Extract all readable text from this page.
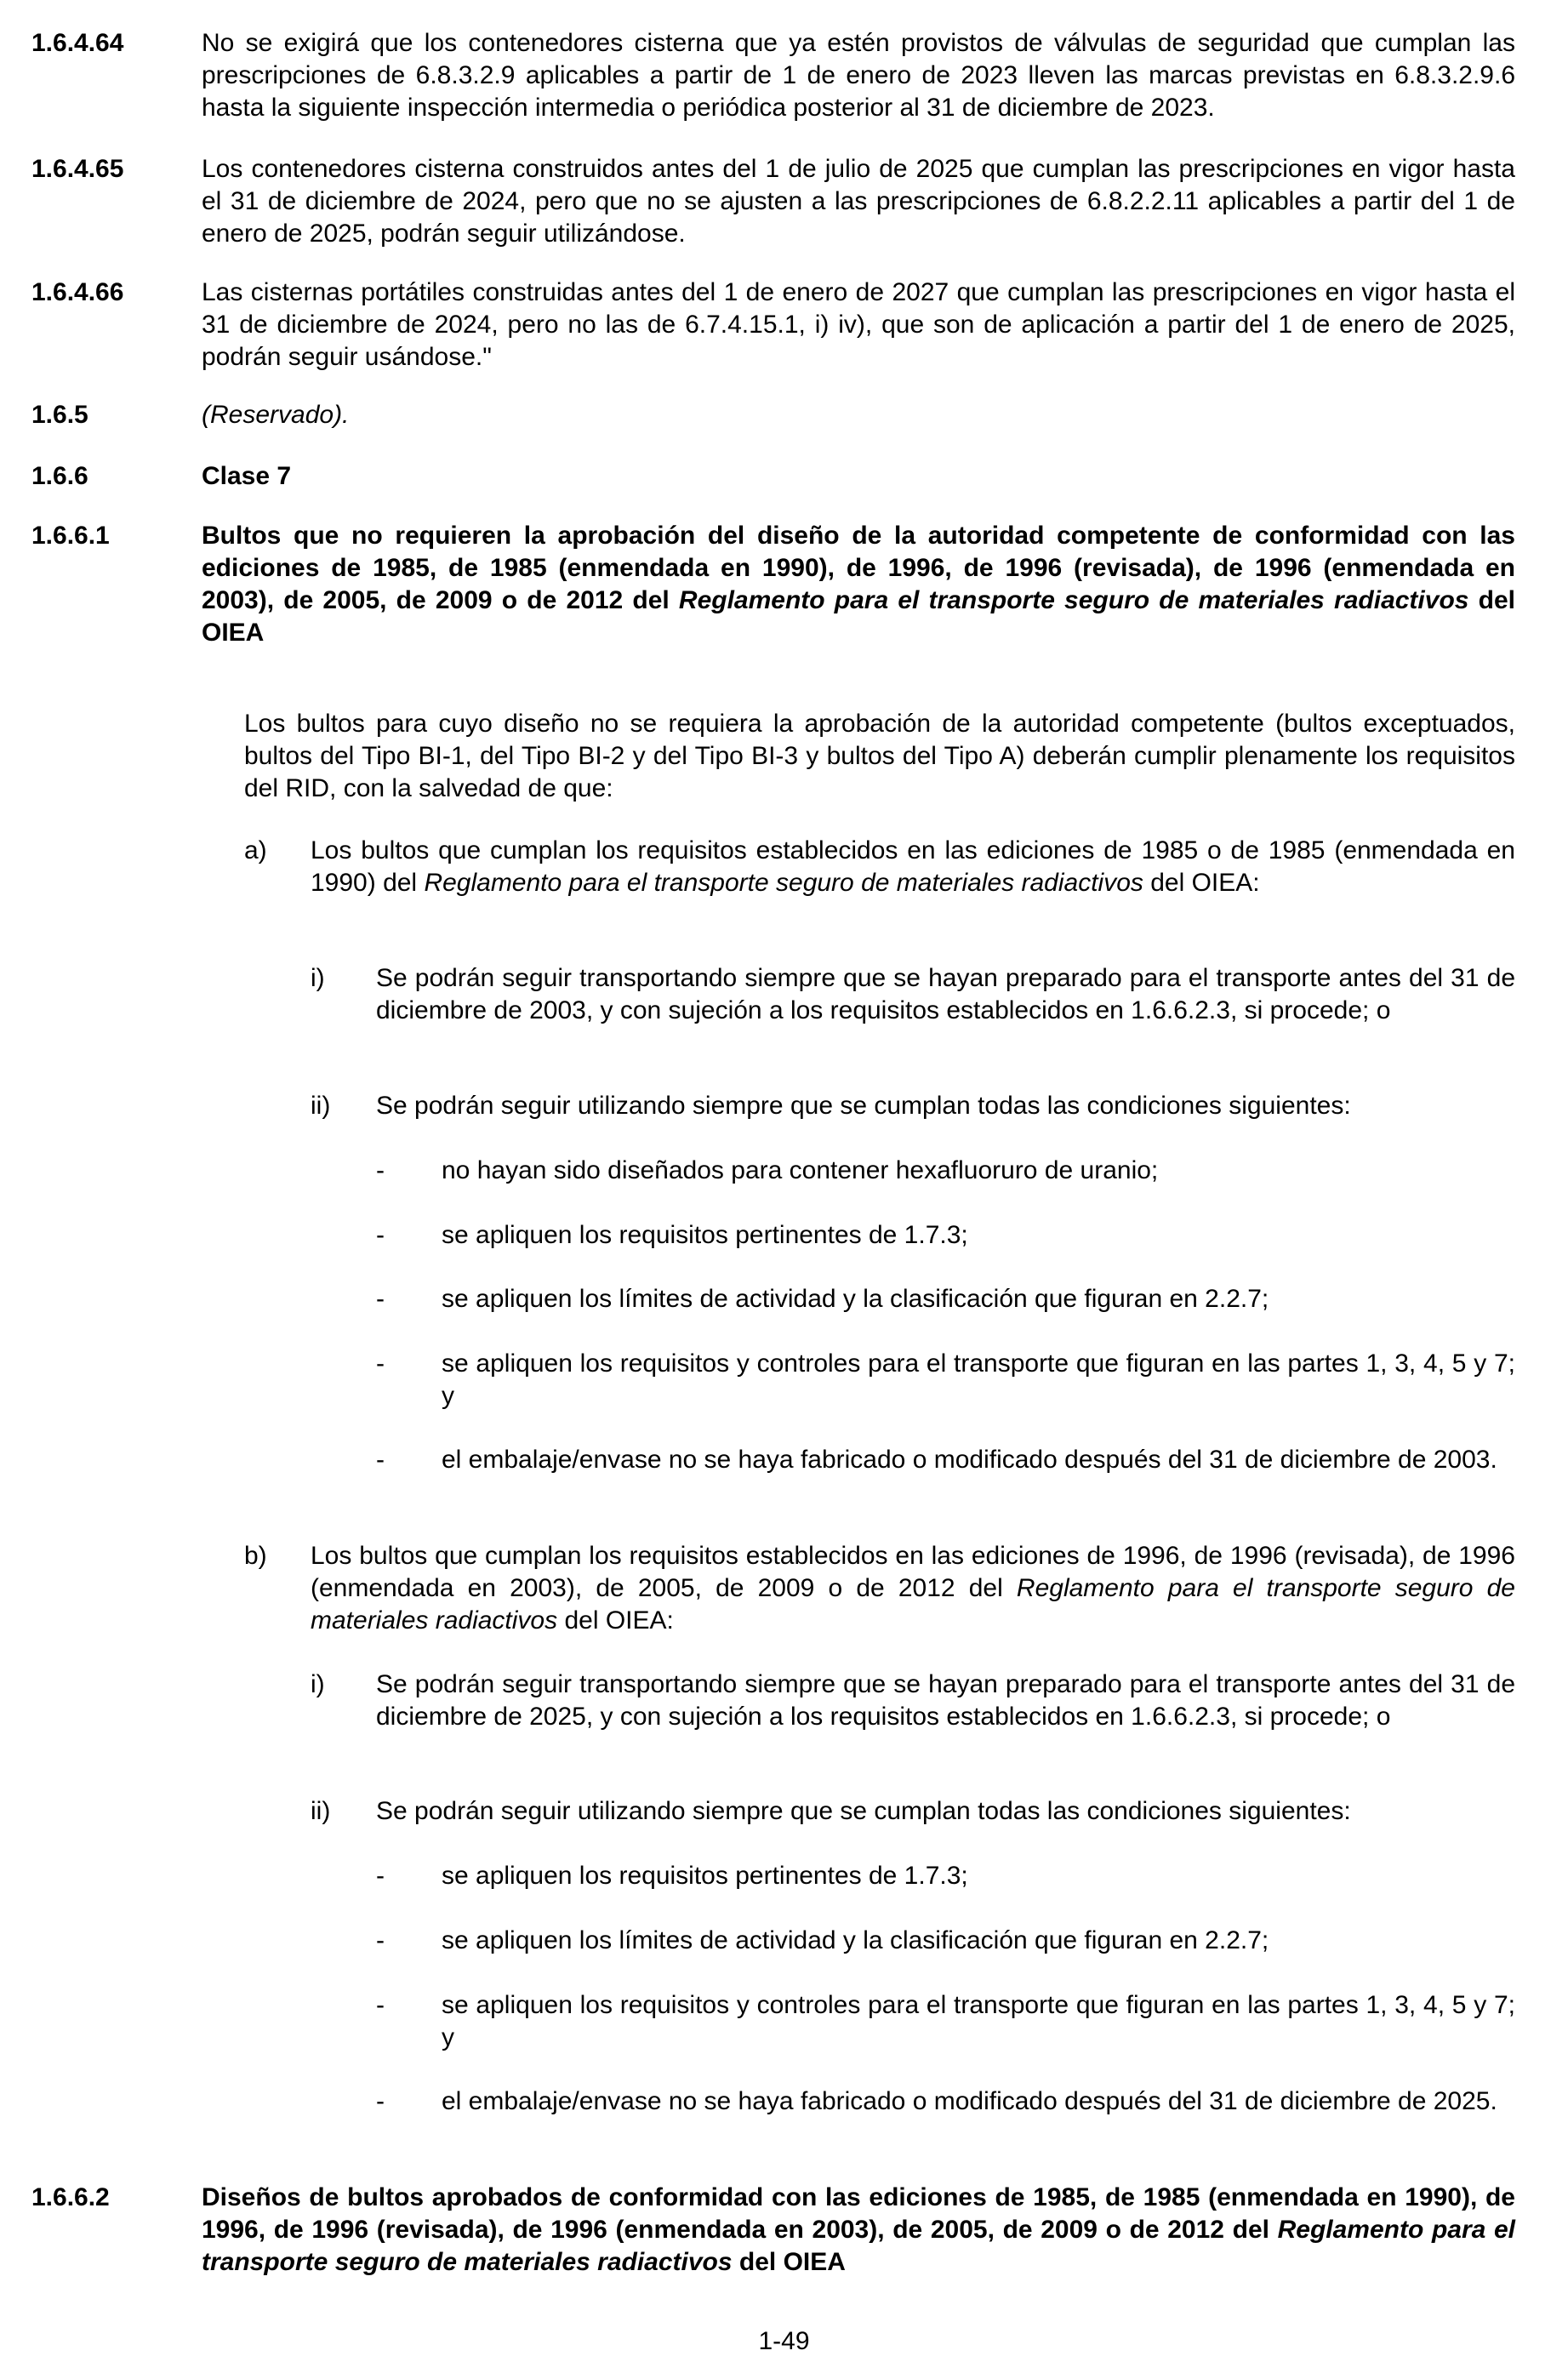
1.6.4.64	No se exigirá que los contenedores cisterna que ya estén provistos de válvulas de seguridad que cumplan las prescripciones de 6.8.3.2.9 aplicables a partir de 1 de enero de 2023 lleven las marcas previstas en 6.8.3.2.9.6 hasta la siguiente inspección intermedia o periódica posterior al 31 de diciembre de 2023.
1.6.4.65	Los contenedores cisterna construidos antes del 1 de julio de 2025 que cumplan las prescripciones en vigor hasta el 31 de diciembre de 2024, pero que no se ajusten a las prescripciones de 6.8.2.2.11 aplicables a partir del 1 de enero de 2025, podrán seguir utilizándose.
1.6.4.66	Las cisternas portátiles construidas antes del 1 de enero de 2027 que cumplan las prescripciones en vigor hasta el 31 de diciembre de 2024, pero no las de 6.7.4.15.1, i) iv), que son de aplicación a partir del 1 de enero de 2025, podrán seguir usándose."
1.6.5	(Reservado).
1.6.6	Clase 7
1.6.6.1	Bultos que no requieren la aprobación del diseño de la autoridad competente de conformidad con las ediciones de 1985, de 1985 (enmendada en 1990), de 1996, de 1996 (revisada), de 1996 (enmendada en 2003), de 2005, de 2009 o de 2012 del Reglamento para el transporte seguro de materiales radiactivos del OIEA
Los bultos para cuyo diseño no se requiera la aprobación de la autoridad competente (bultos exceptuados, bultos del Tipo BI-1, del Tipo BI-2 y del Tipo BI-3 y bultos del Tipo A) deberán cumplir plenamente los requisitos del RID, con la salvedad de que:
a) Los bultos que cumplan los requisitos establecidos en las ediciones de 1985 o de 1985 (enmendada en 1990) del Reglamento para el transporte seguro de materiales radiactivos del OIEA:
i) Se podrán seguir transportando siempre que se hayan preparado para el transporte antes del 31 de diciembre de 2003, y con sujeción a los requisitos establecidos en 1.6.6.2.3, si procede; o
ii) Se podrán seguir utilizando siempre que se cumplan todas las condiciones siguientes:
- no hayan sido diseñados para contener hexafluoruro de uranio;
- se apliquen los requisitos pertinentes de 1.7.3;
- se apliquen los límites de actividad y la clasificación que figuran en 2.2.7;
- se apliquen los requisitos y controles para el transporte que figuran en las partes 1, 3, 4, 5 y 7; y
- el embalaje/envase no se haya fabricado o modificado después del 31 de diciembre de 2003.
b) Los bultos que cumplan los requisitos establecidos en las ediciones de 1996, de 1996 (revisada), de 1996 (enmendada en 2003), de 2005, de 2009 o de 2012 del Reglamento para el transporte seguro de materiales radiactivos del OIEA:
i) Se podrán seguir transportando siempre que se hayan preparado para el transporte antes del 31 de diciembre de 2025, y con sujeción a los requisitos establecidos en 1.6.6.2.3, si procede; o
ii) Se podrán seguir utilizando siempre que se cumplan todas las condiciones siguientes:
- se apliquen los requisitos pertinentes de 1.7.3;
- se apliquen los límites de actividad y la clasificación que figuran en 2.2.7;
- se apliquen los requisitos y controles para el transporte que figuran en las partes 1, 3, 4, 5 y 7; y
- el embalaje/envase no se haya fabricado o modificado después del 31 de diciembre de 2025.
1.6.6.2	Diseños de bultos aprobados de conformidad con las ediciones de 1985, de 1985 (enmendada en 1990), de 1996, de 1996 (revisada), de 1996 (enmendada en 2003), de 2005, de 2009 o de 2012 del Reglamento para el transporte seguro de materiales radiactivos del OIEA
1-49
